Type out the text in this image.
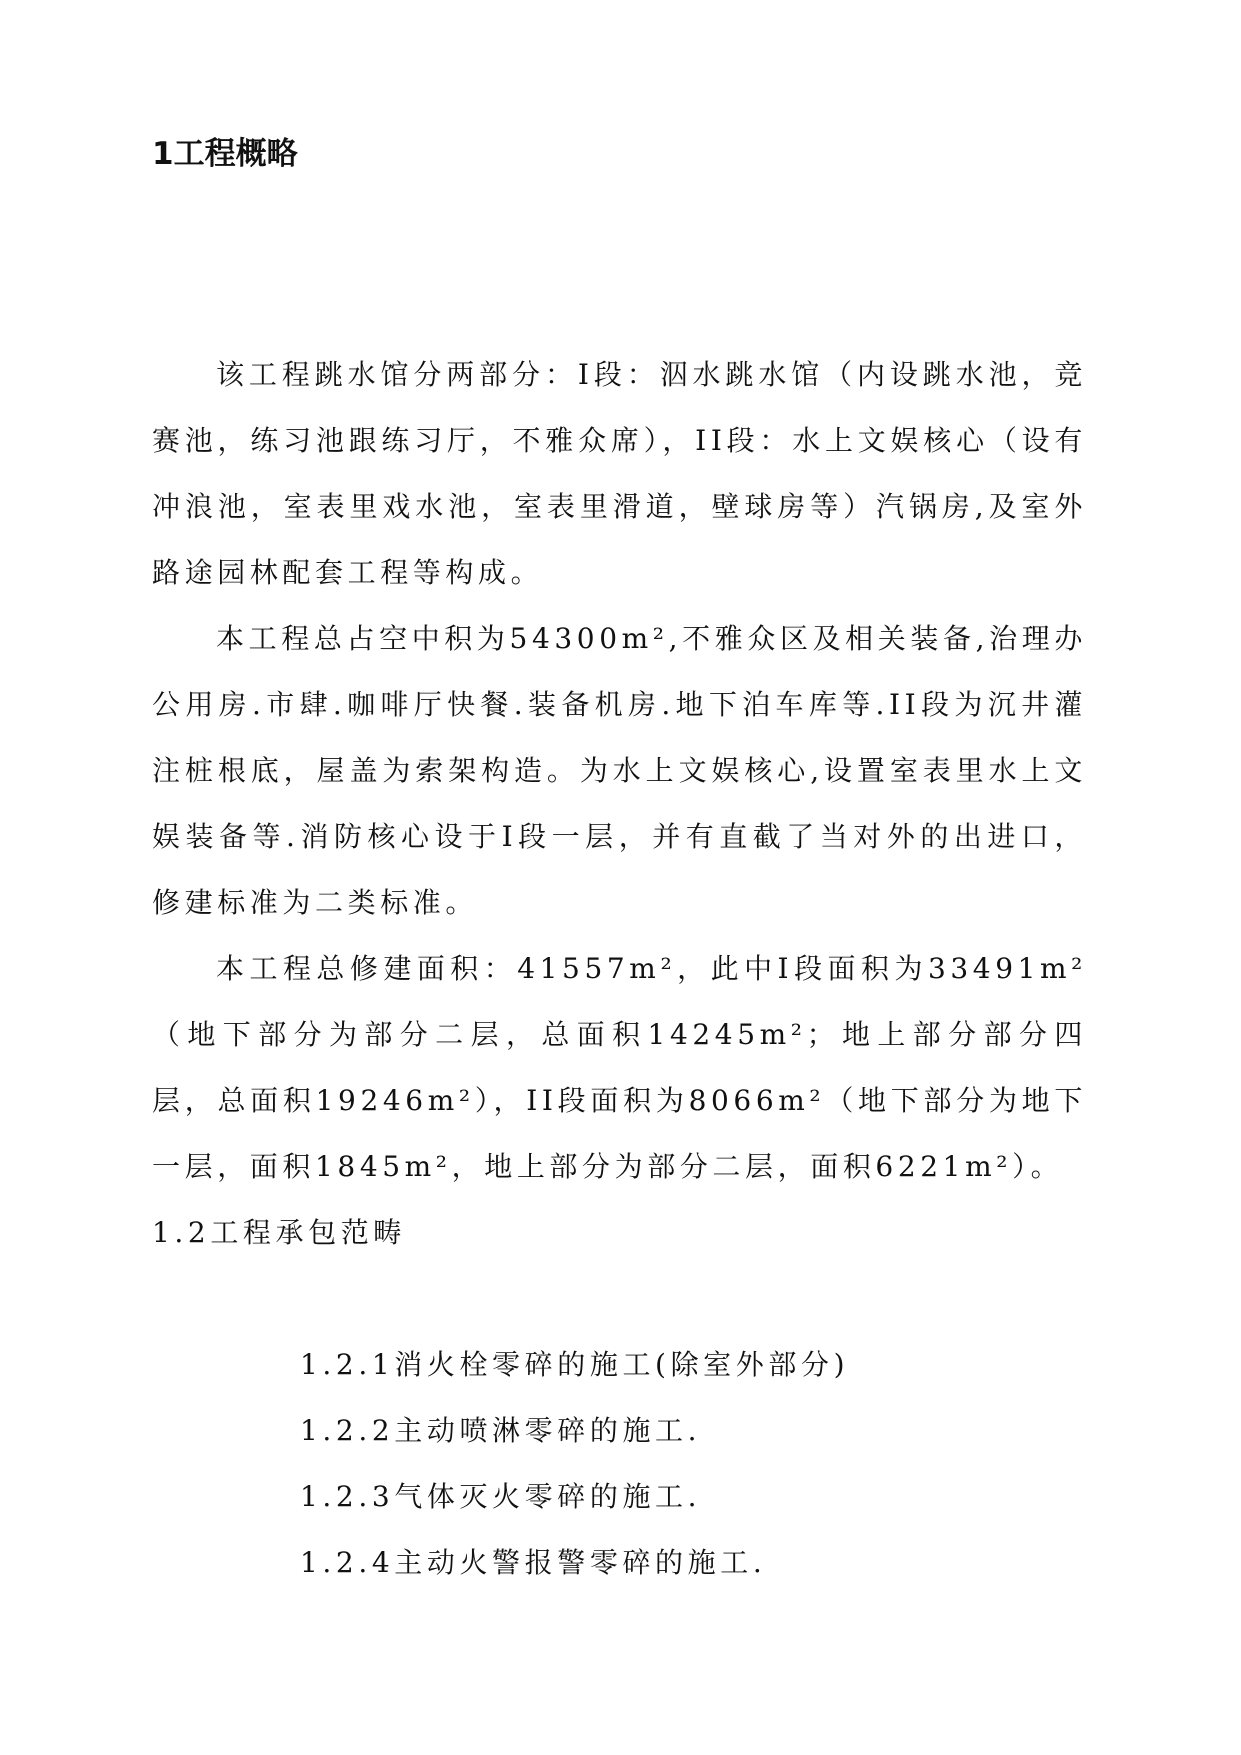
1工程概略

该工程跳水馆分两部分：I段：泅水跳水馆（内设跳水池，竞赛池，练习池跟练习厅，不雅众席），II段：水上文娱核心（设有冲浪池，室表里戏水池，室表里滑道，壁球房等）汽锅房,及室外路途园林配套工程等构成。

本工程总占空中积为54300m²,不雅众区及相关装备,治理办公用房.市肆.咖啡厅快餐.装备机房.地下泊车库等.II段为沉井灌注桩根底，屋盖为索架构造。为水上文娱核心,设置室表里水上文娱装备等.消防核心设于I段一层，并有直截了当对外的出进口，修建标准为二类标准。

本工程总修建面积：41557m²，此中I段面积为33491m²（地下部分为部分二层，总面积14245m²；地上部分部分四层，总面积19246m²），II段面积为8066m²（地下部分为地下一层，面积1845m²，地上部分为部分二层，面积6221m²）。

1.2工程承包范畴

1.2.1消火栓零碎的施工(除室外部分)
1.2.2主动喷淋零碎的施工.
1.2.3气体灭火零碎的施工.
1.2.4主动火警报警零碎的施工.
